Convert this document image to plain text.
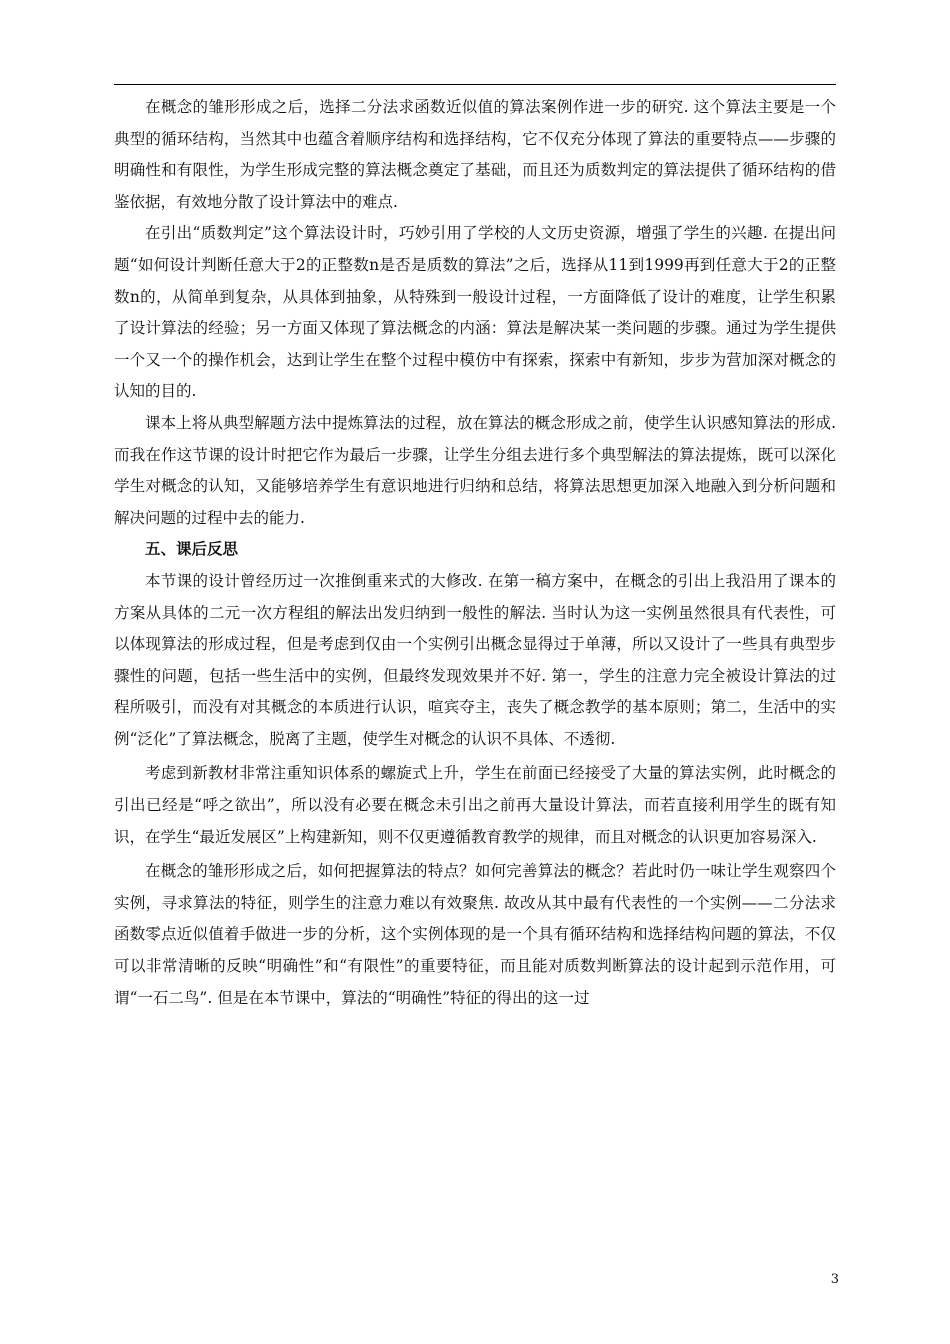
在概念的雏形形成之后，选择二分法求函数近似值的算法案例作进一步的研究. 这个算法主要是一个典型的循环结构，当然其中也蕴含着顺序结构和选择结构，它不仅充分体现了算法的重要特点——步骤的明确性和有限性，为学生形成完整的算法概念奠定了基础，而且还为质数判定的算法提供了循环结构的借鉴依据，有效地分散了设计算法中的难点.

在引出“质数判定”这个算法设计时，巧妙引用了学校的人文历史资源，增强了学生的兴趣. 在提出问题“如何设计判断任意大于2的正整数n是否是质数的算法”之后，选择从11到1999再到任意大于2的正整数n的，从简单到复杂，从具体到抽象，从特殊到一般设计过程，一方面降低了设计的难度，让学生积累了设计算法的经验；另一方面又体现了算法概念的内涵：算法是解决某一类问题的步骤。通过为学生提供一个又一个的操作机会，达到让学生在整个过程中模仿中有探索，探索中有新知，步步为营加深对概念的认知的目的.

课本上将从典型解题方法中提炼算法的过程，放在算法的概念形成之前，使学生认识感知算法的形成. 而我在作这节课的设计时把它作为最后一步骤，让学生分组去进行多个典型解法的算法提炼，既可以深化学生对概念的认知，又能够培养学生有意识地进行归纳和总结，将算法思想更加深入地融入到分析问题和解决问题的过程中去的能力.

五、课后反思

本节课的设计曾经历过一次推倒重来式的大修改. 在第一稿方案中，在概念的引出上我沿用了课本的方案从具体的二元一次方程组的解法出发归纳到一般性的解法. 当时认为这一实例虽然很具有代表性，可以体现算法的形成过程，但是考虑到仅由一个实例引出概念显得过于单薄，所以又设计了一些具有典型步骤性的问题，包括一些生活中的实例，但最终发现效果并不好. 第一，学生的注意力完全被设计算法的过程所吸引，而没有对其概念的本质进行认识，喧宾夺主，丧失了概念教学的基本原则；第二，生活中的实例“泛化”了算法概念，脱离了主题，使学生对概念的认识不具体、不透彻.

考虑到新教材非常注重知识体系的螺旋式上升，学生在前面已经接受了大量的算法实例，此时概念的引出已经是“呼之欲出”，所以没有必要在概念未引出之前再大量设计算法，而若直接利用学生的既有知识，在学生“最近发展区”上构建新知，则不仅更遵循教育教学的规律，而且对概念的认识更加容易深入.

在概念的雏形形成之后，如何把握算法的特点？如何完善算法的概念？若此时仍一味让学生观察四个实例，寻求算法的特征，则学生的注意力难以有效聚焦. 故改从其中最有代表性的一个实例——二分法求函数零点近似值着手做进一步的分析，这个实例体现的是一个具有循环结构和选择结构问题的算法，不仅可以非常清晰的反映“明确性”和“有限性”的重要特征，而且能对质数判断算法的设计起到示范作用，可谓“一石二鸟”. 但是在本节课中，算法的“明确性”特征的得出的这一过

3
